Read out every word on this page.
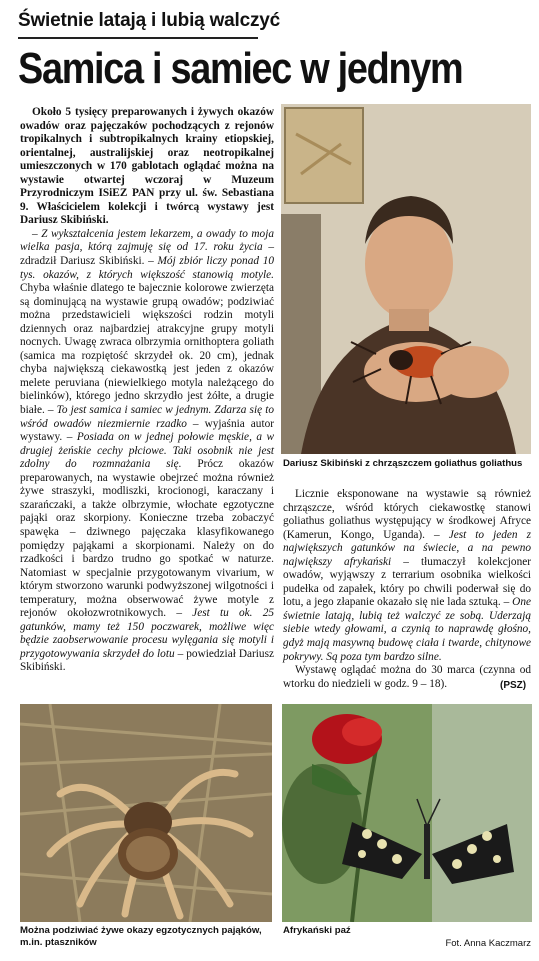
Świetnie latają i lubią walczyć
Samica i samiec w jednym

Około 5 tysięcy preparowanych i żywych okazów owadów oraz pajęczaków pochodzących z rejonów tropikalnych i subtropikalnych krainy etiopskiej, orientalnej, australijskiej oraz neotropikalnej umieszczonych w 170 gablotach oglądać można na wystawie otwartej wczoraj w Muzeum Przyrodniczym ISiEZ PAN przy ul. św. Sebastiana 9. Właścicielem kolekcji i twórcą wystawy jest Dariusz Skibiński.

– Z wykształcenia jestem lekarzem, a owady to moja wielka pasja, którą zajmuję się od 17. roku życia – zdradził Dariusz Skibiński. – Mój zbiór liczy ponad 10 tys. okazów, z których większość stanowią motyle. Chyba właśnie dlatego te bajecznie kolorowe zwierzęta są dominującą na wystawie grupą owadów; podziwiać można przedstawicieli większości rodzin motyli dziennych oraz najbardziej atrakcyjne grupy motyli nocnych. Uwagę zwraca olbrzymia ornithoptera goliath (samica ma rozpiętość skrzydeł ok. 20 cm), jednak chyba największą ciekawostką jest jeden z okazów melete peruviana (niewielkiego motyla należącego do bielinków), którego jedno skrzydło jest żółte, a drugie białe. – To jest samica i samiec w jednym. Zdarza się to wśród owadów niezmiernie rzadko – wyjaśnia autor wystawy. – Posiada on w jednej połowie męskie, a w drugiej żeńskie cechy płciowe. Taki osobnik nie jest zdolny do rozmnażania się. Prócz okazów preparowanych, na wystawie obejrzeć można również żywe straszyki, modliszki, krocionogi, karaczany i szarańczaki, a także olbrzymie, włochate egzotyczne pająki oraz skorpiony. Konieczne trzeba zobaczyć spawęka – dziwnego pajęczaka klasyfikowanego pomiędzy pająkami a skorpionami. Należy on do rzadkości i bardzo trudno go spotkać w naturze. Natomiast w specjalnie przygotowanym vivarium, w którym stworzono warunki podwyższonej wilgotności i temperatury, można obserwować żywe motyle z rejonów okołozwrotnikowych. – Jest tu ok. 25 gatunków, mamy też 150 poczwarek, możliwe więc będzie zaobserwowanie procesu wylęgania się motyli i przygotowywania skrzydeł do lotu – powiedział Dariusz Skibiński.

Dariusz Skibiński z chrząszczem goliathus goliathus

Licznie eksponowane na wystawie są również chrząszcze, wśród których ciekawostkę stanowi goliathus goliathus występujący w środkowej Afryce (Kamerun, Kongo, Uganda). – Jest to jeden z największych gatunków na świecie, a na pewno największy afrykański – tłumaczył kolekcjoner owadów, wyjąwszy z terrarium osobnika wielkości pudełka od zapałek, który po chwili poderwał się do lotu, a jego złapanie okazało się nie lada sztuką. – One świetnie latają, lubią też walczyć ze sobą. Uderzają siebie wtedy głowami, a czynią to naprawdę głośno, gdyż mają masywną budowę ciała i twarde, chitynowe pokrywy. Są poza tym bardzo silne.

Wystawę oglądać można do 30 marca (czynna od wtorku do niedzieli w godz. 9 – 18).	(PSZ)
Można podziwiać żywe okazy egzotycznych pająków, m.in. ptaszników
Afrykański paź
Fot. Anna Kaczmarz
